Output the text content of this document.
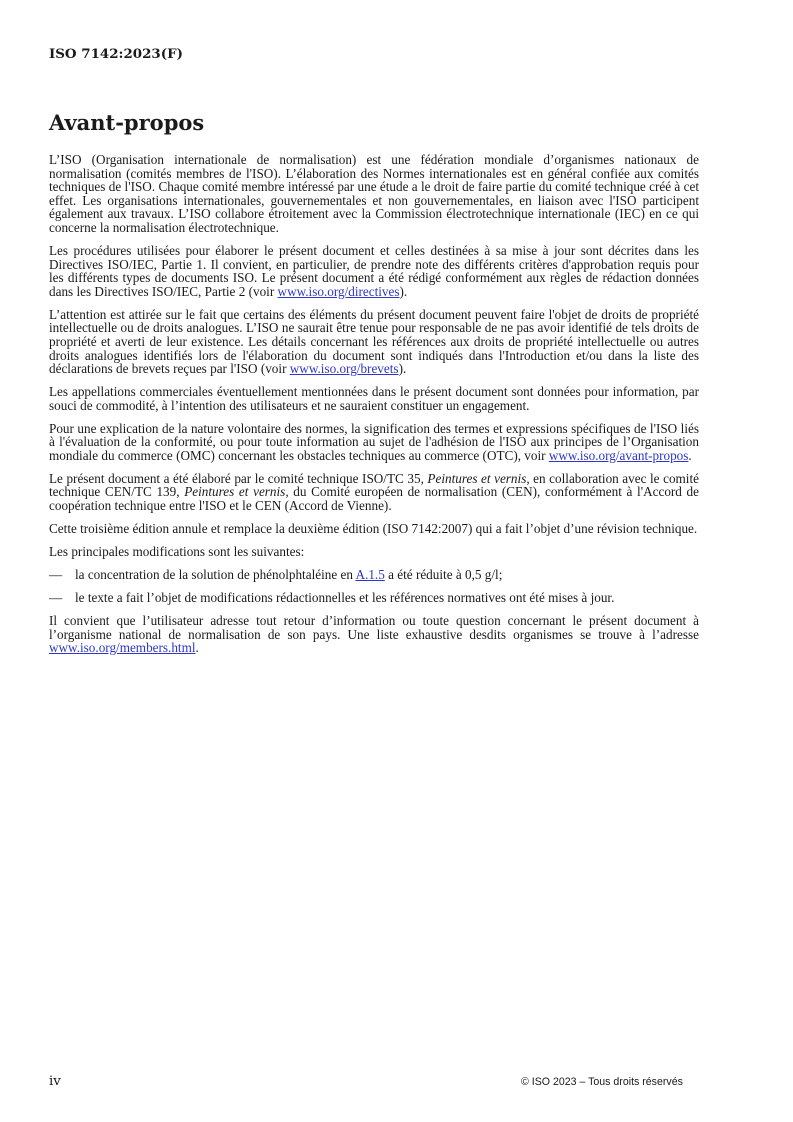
ISO 7142:2023(F)
Avant-propos

L’ISO (Organisation internationale de normalisation) est une fédération mondiale d’organismes nationaux de normalisation (comités membres de l'ISO). L’élaboration des Normes internationales est en général confiée aux comités techniques de l'ISO. Chaque comité membre intéressé par une étude a le droit de faire partie du comité technique créé à cet effet. Les organisations internationales, gouvernementales et non gouvernementales, en liaison avec l'ISO participent également aux travaux. L’ISO collabore étroitement avec la Commission électrotechnique internationale (IEC) en ce qui concerne la normalisation électrotechnique.

Les procédures utilisées pour élaborer le présent document et celles destinées à sa mise à jour sont décrites dans les Directives ISO/IEC, Partie 1. Il convient, en particulier, de prendre note des différents critères d'approbation requis pour les différents types de documents ISO. Le présent document a été rédigé conformément aux règles de rédaction données dans les Directives ISO/IEC, Partie 2 (voir www.iso.org/directives).

L’attention est attirée sur le fait que certains des éléments du présent document peuvent faire l'objet de droits de propriété intellectuelle ou de droits analogues. L’ISO ne saurait être tenue pour responsable de ne pas avoir identifié de tels droits de propriété et averti de leur existence. Les détails concernant les références aux droits de propriété intellectuelle ou autres droits analogues identifiés lors de l'élaboration du document sont indiqués dans l'Introduction et/ou dans la liste des déclarations de brevets reçues par l'ISO (voir www.iso.org/brevets).

Les appellations commerciales éventuellement mentionnées dans le présent document sont données pour information, par souci de commodité, à l’intention des utilisateurs et ne sauraient constituer un engagement.

Pour une explication de la nature volontaire des normes, la signification des termes et expressions spécifiques de l'ISO liés à l'évaluation de la conformité, ou pour toute information au sujet de l'adhésion de l'ISO aux principes de l’Organisation mondiale du commerce (OMC) concernant les obstacles techniques au commerce (OTC), voir www.iso.org/avant-propos.

Le présent document a été élaboré par le comité technique ISO/TC 35, Peintures et vernis, en collaboration avec le comité technique CEN/TC 139, Peintures et vernis, du Comité européen de normalisation (CEN), conformément à l'Accord de coopération technique entre l'ISO et le CEN (Accord de Vienne).

Cette troisième édition annule et remplace la deuxième édition (ISO 7142:2007) qui a fait l’objet d’une révision technique.

Les principales modifications sont les suivantes:

— la concentration de la solution de phénolphtaléine en A.1.5 a été réduite à 0,5 g/l;
— le texte a fait l’objet de modifications rédactionnelles et les références normatives ont été mises à jour.

Il convient que l’utilisateur adresse tout retour d’information ou toute question concernant le présent document à l’organisme national de normalisation de son pays. Une liste exhaustive desdits organismes se trouve à l’adresse www.iso.org/members.html.

iv	© ISO 2023 – Tous droits réservés
